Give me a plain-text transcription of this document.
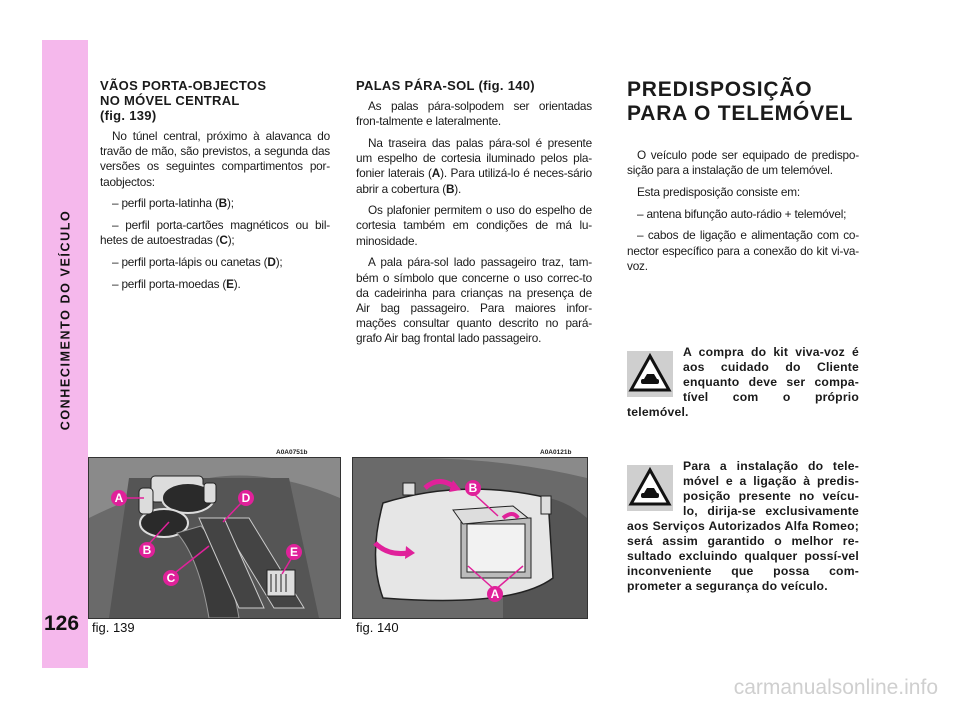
CONHECIMENTO DO VEÍCULO
126
VÃOS PORTA-OBJECTOS
NO MÓVEL CENTRAL
(fig. 139)

No túnel central, próximo à alavanca do travão de mão, são previstos, a segunda das versões os seguintes compartimentos por-taobjectos:

– perfil porta-latinha (B);

– perfil porta-cartões magnéticos ou bil-hetes de autoestradas (C);

– perfil porta-lápis ou canetas (D);

– perfil porta-moedas (E).

PALAS PÁRA-SOL (fig. 140)

As palas pára-solpodem ser orientadas fron-talmente e lateralmente.

Na traseira das palas pára-sol é presente um espelho de cortesia iluminado pelos pla-fonier laterais (A). Para utilizá-lo é neces-sário abrir a cobertura (B).

Os plafonier permitem o uso do espelho de cortesia também em condições de má lu-minosidade.

A pala pára-sol lado passageiro traz, tam-bém o símbolo que concerne o uso correc-to da cadeirinha para crianças na presença de Air bag passageiro. Para maiores infor-mações consultar quanto descrito no pará-grafo Air bag frontal lado passageiro.

PREDISPOSIÇÃO
PARA O TELEMÓVEL

O veículo pode ser equipado de predispo-sição para a instalação de um telemóvel.

Esta predisposição consiste em:

– antena bifunção auto-rádio + telemóvel;

– cabos de ligação e alimentação com co-nector específico para a conexão do kit vi-va-voz.

A compra do kit viva-voz é aos cuidado do Cliente enquanto deve ser compa-tível com o próprio telemóvel.
Para a instalação do tele-móvel e a ligação à predis-posição presente no veícu-lo, dirija-se exclusivamente aos Serviços Autorizados Alfa Romeo; será assim garantido o melhor re-sultado excluindo qualquer possí-vel inconveniente que possa com-prometer a segurança do veículo.
A0A0751b
A
B
C
D
E
fig. 139
A0A0121b
B
A
fig. 140
carmanualsonline.info
